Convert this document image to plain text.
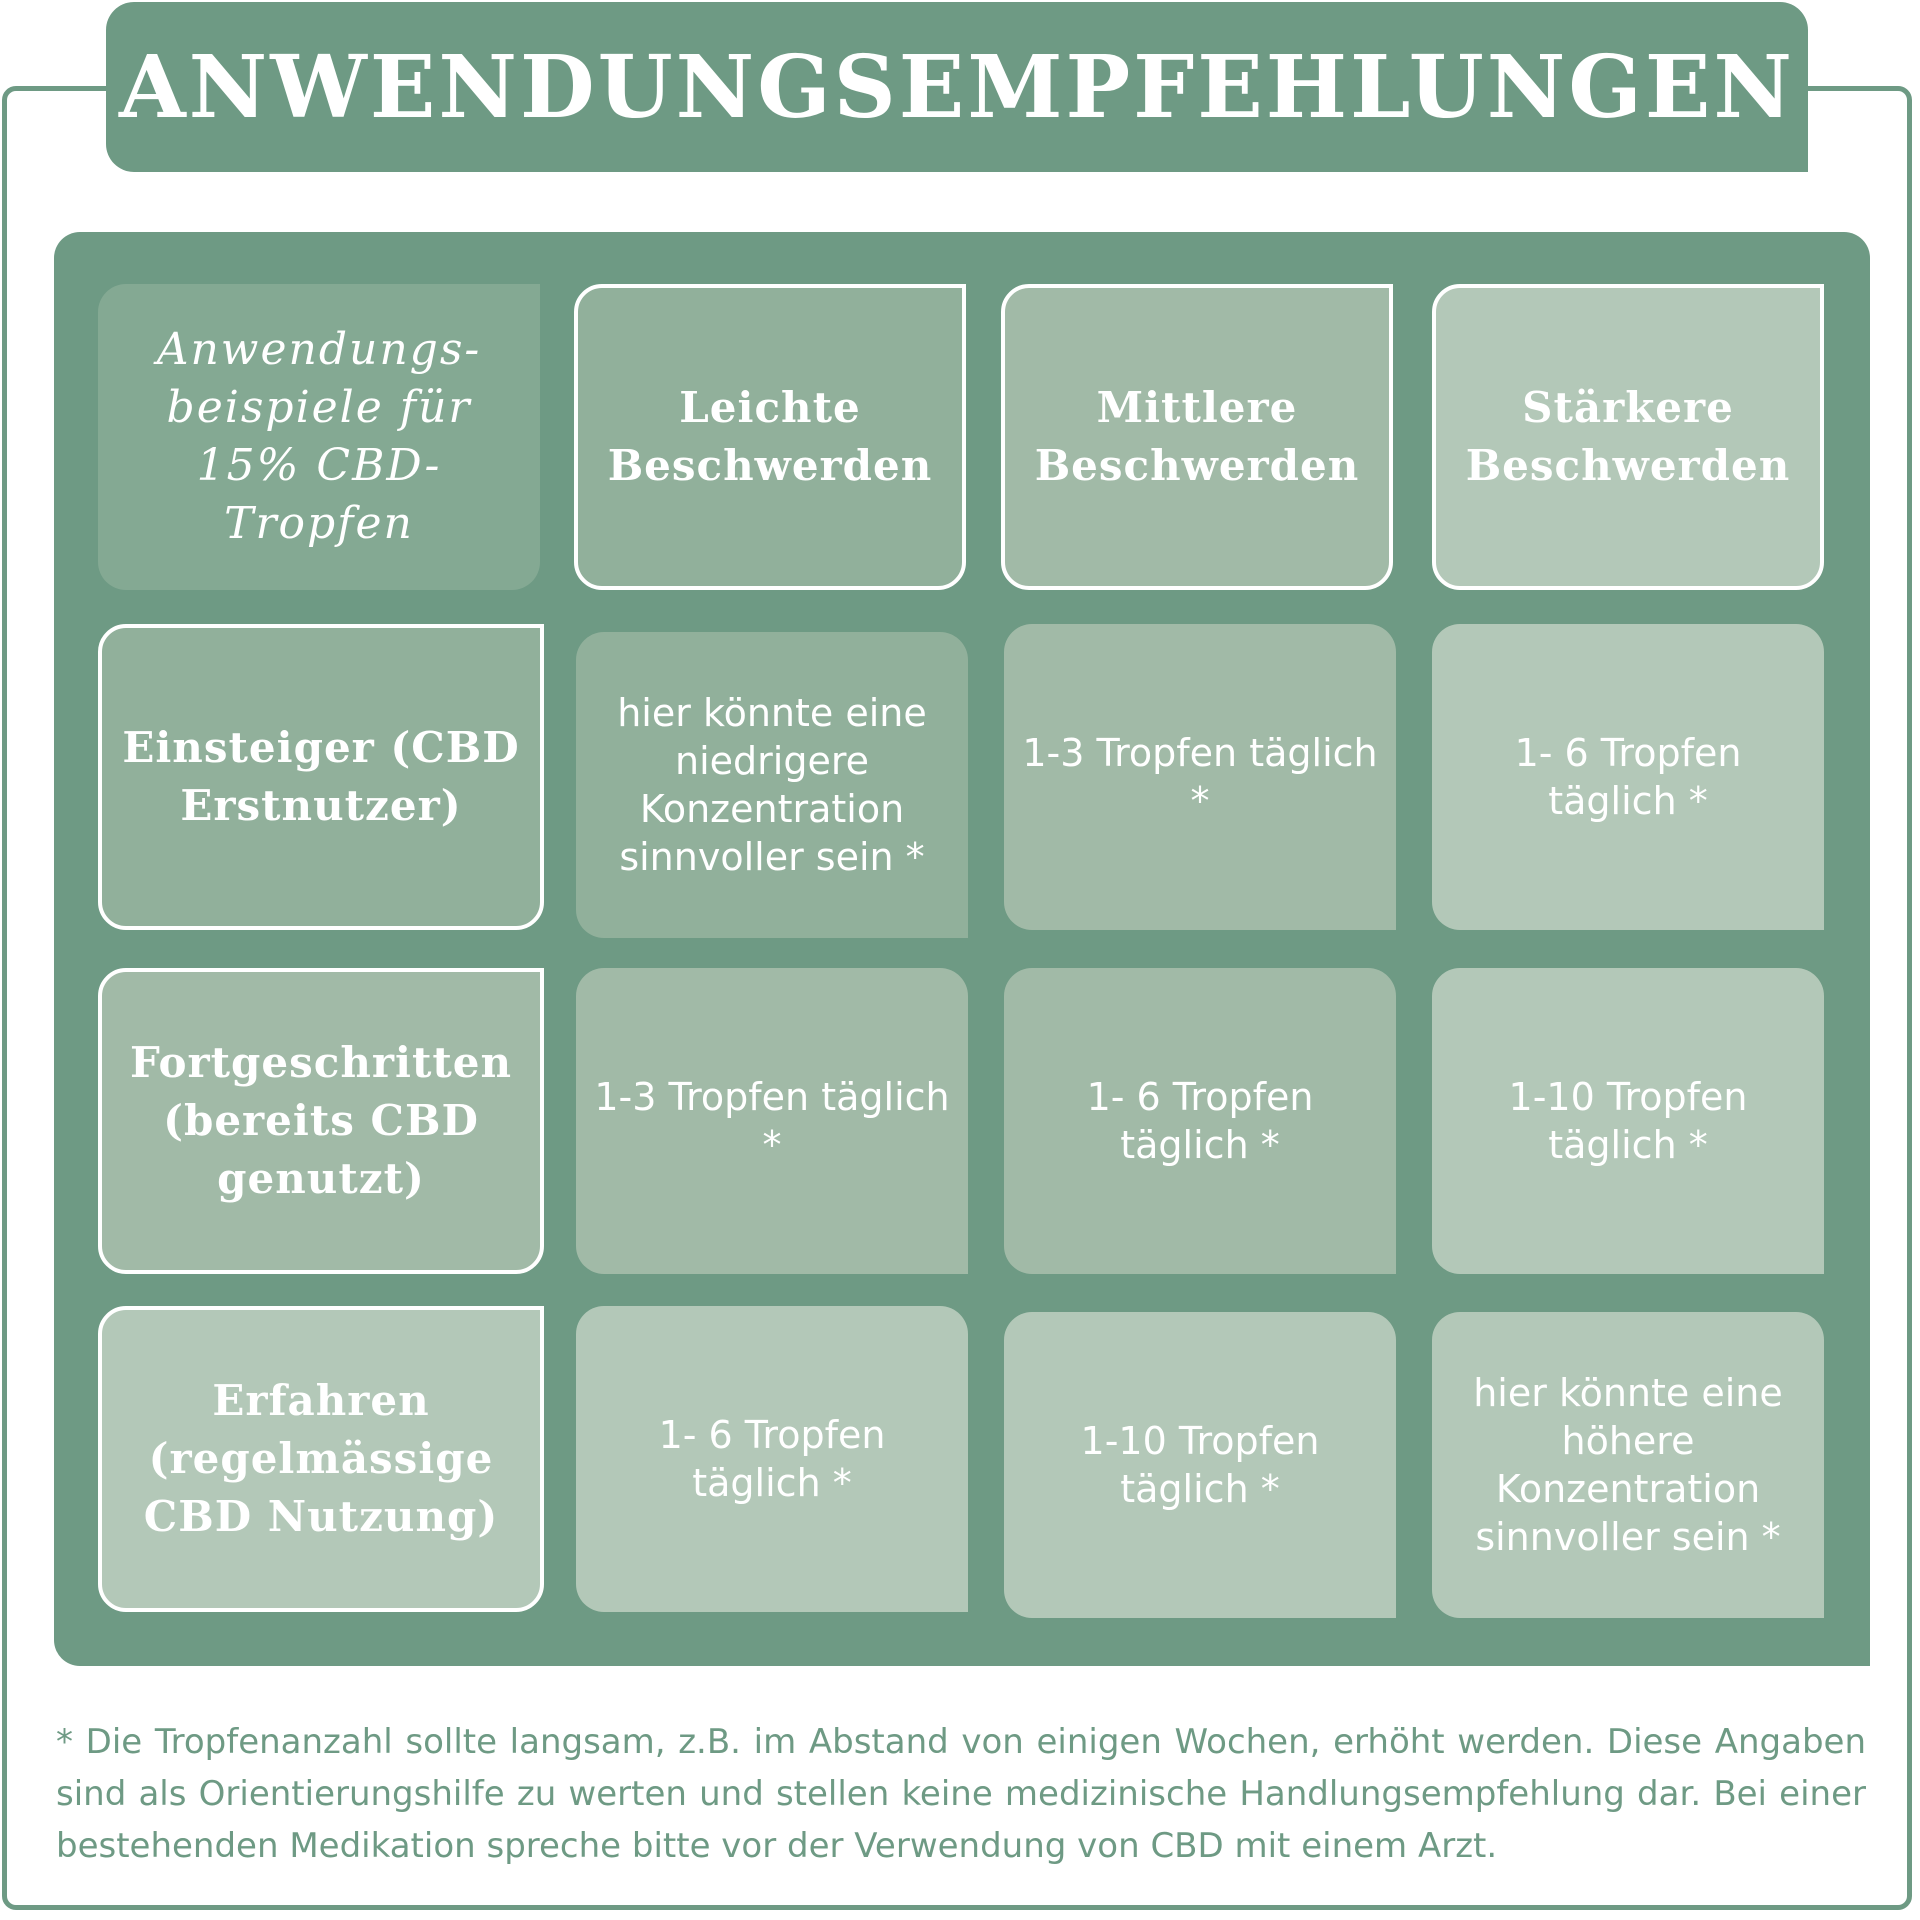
ANWENDUNGSEMPFEHLUNGEN
Anwendungs-beispiele für 15% CBD-Tropfen
Leichte Beschwerden
Mittlere Beschwerden
Stärkere Beschwerden
Einsteiger (CBD Erstnutzer)
hier könnte eine niedrigere Konzentration sinnvoller sein *
1-3 Tropfen täglich *
1- 6 Tropfen täglich *
Fortgeschritten (bereits CBD genutzt)
1-3 Tropfen täglich *
1- 6 Tropfen täglich *
1-10 Tropfen täglich *
Erfahren (regelmässige CBD Nutzung)
1- 6 Tropfen täglich *
1-10 Tropfen täglich *
hier könnte eine höhere Konzentration sinnvoller sein *

* Die Tropfenanzahl sollte langsam, z.B. im Abstand von einigen Wochen, erhöht werden. Diese Angaben sind als Orientierungshilfe zu werten und stellen keine medizinische Handlungsempfehlung dar. Bei einer bestehenden Medikation spreche bitte vor der Verwendung von CBD mit einem Arzt.
